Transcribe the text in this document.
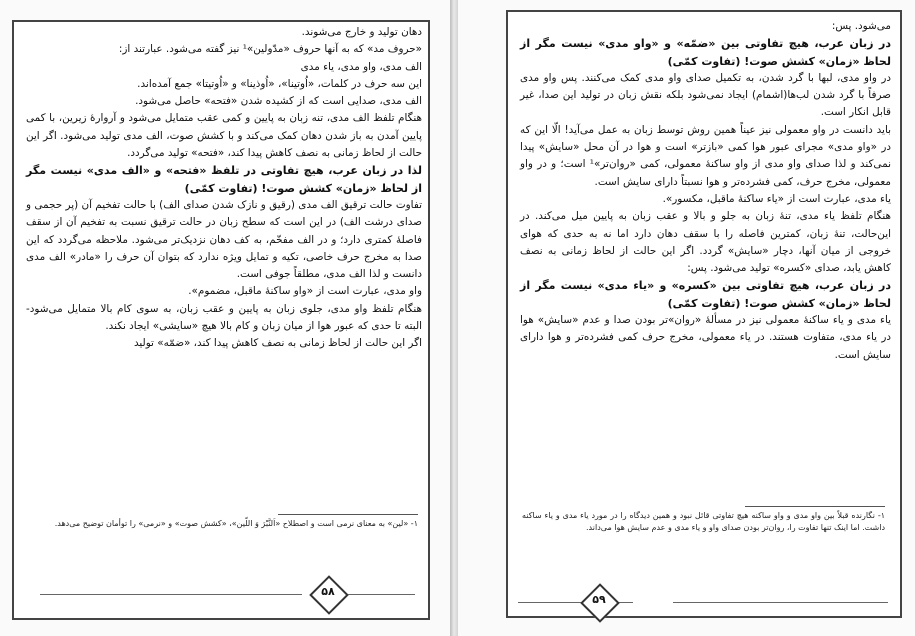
دهان تولید و خارج می‌شوند.

«حروف مد» که به آنها حروف «مدّولین»¹ نیز گفته می‌شود. عبارتند از:

الف مدی، واو مدی، یاء مدی

این سه حرف در کلمات، «اُوتینا»، «اُوذینا» و «اُوتیتا» جمع آمده‌اند.

الف مدی، صدایی است که از کشیده شدن «فتحه» حاصل می‌شود.

هنگام تلفظ الف مدی، تنه زبان به پایین و کمی عقب متمایل می‌شود و آروارۀ زیرین، با کمی پایین آمدن به باز شدن دهان کمک می‌کند و با کشش صوت، الف مدی تولید می‌شود. اگر این حالت از لحاظ زمانی به نصف کاهش پیدا کند، «فتحه» تولید می‌گردد.

لذا در زبان عرب، هیچ تفاوتی در تلفظ «فتحه» و «الف مدی» نیست مگر از لحاظ «زمان» کشش صوت! (تفاوت کمّی)

تفاوت حالت ترقیق الف مدی (رقیق و نازک شدن صدای الف) با حالت تفخیم آن (پر حجمی و صدای درشت الف) در این است که سطح زبان در حالت ترقیق نسبت به تفخیم آن از سقف فاصلۀ کمتری دارد؛ و در الف مفخّم، به کف دهان نزدیک‌تر می‌شود. ملاحظه می‌گردد که این صدا به مخرج حرف خاصی، تکیه و تمایل ویژه ندارد که بتوان آن حرف را «مادر» الف مدی دانست و لذا الف مدی، مطلقاً جوفی است.

واو مدی، عبارت است از «واو ساکنۀ ماقبل، مضموم».

هنگام تلفظ واو مدی، جلوی زبان به پایین و عقب زبان، به سوی کام بالا متمایل می‌شود- البته تا حدی که عبور هوا از میان زبان و کام بالا هیچ «سایشی» ایجاد نکند.

اگر این حالت از لحاظ زمانی به نصف کاهش پیدا کند، «ضمّه» تولید

۱- «لین» به معنای نرمی است و اصطلاح «اَلنَّبْرَ وَ اللّین»، «کشش صوت» و «نرمی» را توأمان توضیح می‌دهد.

۵۸

می‌شود. پس:

در زبان عرب، هیچ تفاوتی بین «ضمّه» و «واو مدی» نیست مگر از لحاظ «زمان» کشش صوت! (تفاوت کمّی)

در واو مدی، لبها با گرد شدن، به تکمیل صدای واو مدی کمک می‌کنند. پس واو مدی صرفاً با گرد شدن لب‌ها(اشمام) ایجاد نمی‌شود بلکه نقش زبان در تولید این صدا، غیر قابل انکار است.

باید دانست در واو معمولی نیز عیناً همین روش توسط زبان به عمل می‌آید! الّا این که در «واو مدی» مجرای عبور هوا کمی «بازتر» است و هوا در آن محل «سایش» پیدا نمی‌کند و لذا صدای واو مدی از واو ساکنۀ معمولی، کمی «روان‌تر»¹ است؛ و در واو معمولی، مخرج حرف، کمی فشرده‌تر و هوا نسبتاً دارای سایش است.

یاء مدی، عبارت است از «یاء ساکنۀ ماقبل، مکسور».

هنگام تلفظ یاء مدی، تنۀ زبان به جلو و بالا و عقب زبان به پایین میل می‌کند. در این‌حالت، تنۀ زبان، کمترین فاصله را با سقف دهان دارد اما نه به حدی که هوای خروجی از میان آنها، دچار «سایش» گردد. اگر این حالت از لحاظ زمانی به نصف کاهش یابد، صدای «کسره» تولید می‌شود. پس:

در زبان عرب، هیچ تفاوتی بین «کسره» و «یاء مدی» نیست مگر از لحاظ «زمان» کشش صوت! (تفاوت کمّی)

یاء مدی و یاء ساکنۀ معمولی نیز در مسألۀ «روان»تر بودن صدا و عدم «سایش» هوا در یاء مدی، متفاوت هستند. در یاء معمولی، مخرج حرف کمی فشرده‌تر و هوا دارای سایش است.

۱- نگارنده قبلاً بین واو مدی و واو ساکنه هیچ تفاوتی قائل نبود و همین دیدگاه را در مورد یاء مدی و یاء ساکنه داشت. اما اینک تنها تفاوت را، روان‌تر بودن صدای واو و یاء مدی و عدم سایش هوا می‌داند.

۵۹
